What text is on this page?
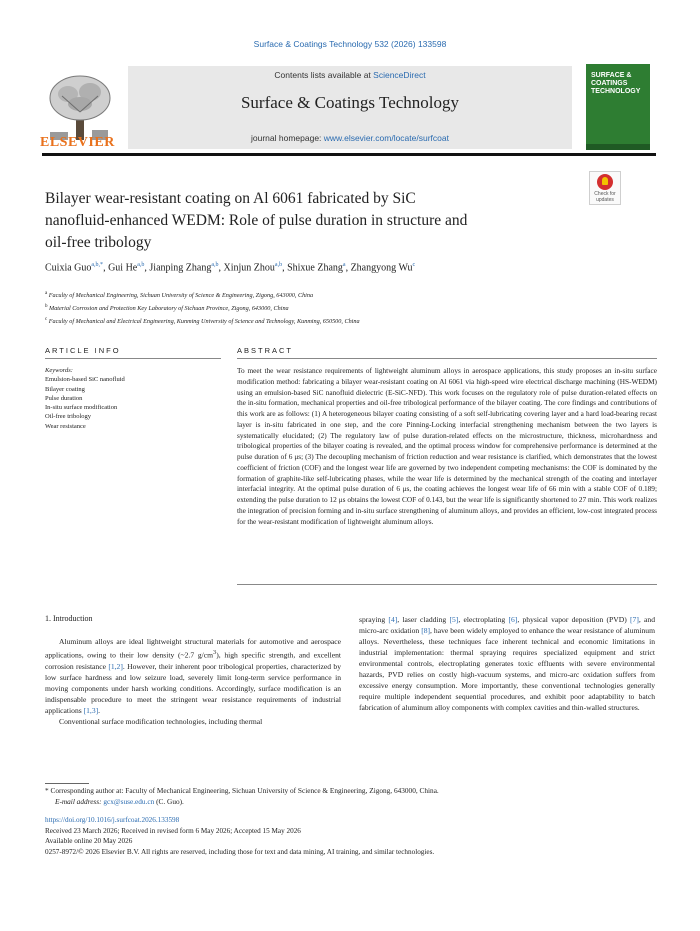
Surface & Coatings Technology 532 (2026) 133598
ELSEVIER
Contents lists available at ScienceDirect
Surface & Coatings Technology
journal homepage: www.elsevier.com/locate/surfcoat
SURFACE &
COATINGS
TECHNOLOGY
Check for
updates
Bilayer wear-resistant coating on Al 6061 fabricated by SiC
nanofluid-enhanced WEDM: Role of pulse duration in structure and
oil-free tribology
Cuixia Guo$^{a,b,*}$, Gui He$^{a,b}$, Jianping Zhang$^{a,b}$, Xinjun Zhou$^{a,b}$, Shixue Zhang$^a$, Zhangyong Wu$^c$
$^a$ Faculty of Mechanical Engineering, Sichuan University of Science & Engineering, Zigong, 643000, China
$^b$ Material Corrosion and Protection Key Laboratory of Sichuan Province, Zigong, 643000, China
$^c$ Faculty of Mechanical and Electrical Engineering, Kunming University of Science and Technology, Kunming, 650500, China
ARTICLE INFO	ABSTRACT
Keywords:
Emulsion-based SiC nanofluid
Bilayer coating
Pulse duration
In-situ surface modification
Oil-free tribology
Wear resistance
To meet the wear resistance requirements of lightweight aluminum alloys in aerospace applications, this study proposes an in-situ surface modification method: fabricating a bilayer wear-resistant coating on Al 6061 via high-speed wire electrical discharge machining (HS-WEDM) using an emulsion-based SiC nanofluid dielectric (E-SiC-NFD). This work focuses on the regulatory role of pulse duration-related effects on the in-situ formation, mechanical properties and oil-free tribological performance of the bilayer coating. The core findings and contributions of this work are as follows: (1) A heterogeneous bilayer coating consisting of a soft self-lubricating covering layer and a hard load-bearing recast layer is in-situ fabricated in one step, and the core Pinning-Locking interfacial strengthening mechanism between the two layers is systematically elucidated; (2) The regulatory law of pulse duration-related effects on the microstructure, thickness, microhardness and tribological properties of the bilayer coating is revealed, and the optimal process window for comprehensive performance is determined at the pulse duration of 6 μs; (3) The decoupling mechanism of friction reduction and wear resistance is clarified, which demonstrates that the lowest coefficient of friction (COF) and the longest wear life are governed by two independent competing mechanisms: the COF is dominated by the formation of graphite-like self-lubricating phases, while the wear life is determined by the mechanical strength of the coating and interlayer interfacial integrity. At the optimal pulse duration of 6 μs, the coating achieves the longest wear life of 66 min with a stable COF of 0.189; extending the pulse duration to 12 μs obtains the lowest COF of 0.143, but the wear life is significantly shortened to 27 min. This work realizes the integration of precision forming and in-situ surface strengthening of aluminum alloys, and provides an efficient, low-cost integrated process for the wear-resistant modification of lightweight aluminum alloys.
1. Introduction

Aluminum alloys are ideal lightweight structural materials for automotive and aerospace applications, owing to their low density (~2.7 $g/cm^3$), high specific strength, and excellent corrosion resistance [1,2]. However, their inherent poor tribological properties, characterized by low surface hardness and low seizure load, severely limit long-term service performance in moving components under harsh working conditions. Accordingly, surface modification is an indispensable procedure to meet the stringent wear resistance requirements of industrial applications [1,3].

Conventional surface modification technologies, including thermal

spraying [4], laser cladding [5], electroplating [6], physical vapor deposition (PVD) [7], and micro-arc oxidation [8], have been widely employed to enhance the wear resistance of aluminum alloys. Nevertheless, these techniques face inherent technical and economic limitations in industrial implementation: thermal spraying requires specialized equipment and strict environmental controls, electroplating generates toxic effluents with severe environmental hazards, PVD relies on costly high-vacuum systems, and micro-arc oxidation suffers from excessive energy consumption. More importantly, these conventional technologies generally require multiple independent sequential procedures, and exhibit poor adaptability to batch fabrication of aluminum alloy components with complex cavities and thin-walled structures.

* Corresponding author at: Faculty of Mechanical Engineering, Sichuan University of Science & Engineering, Zigong, 643000, China.
E-mail address: gcx@suse.edu.cn (C. Guo).
https://doi.org/10.1016/j.surfcoat.2026.133598
Received 23 March 2026; Received in revised form 6 May 2026; Accepted 15 May 2026
Available online 20 May 2026
0257-8972/© 2026 Elsevier B.V. All rights are reserved, including those for text and data mining, AI training, and similar technologies.
